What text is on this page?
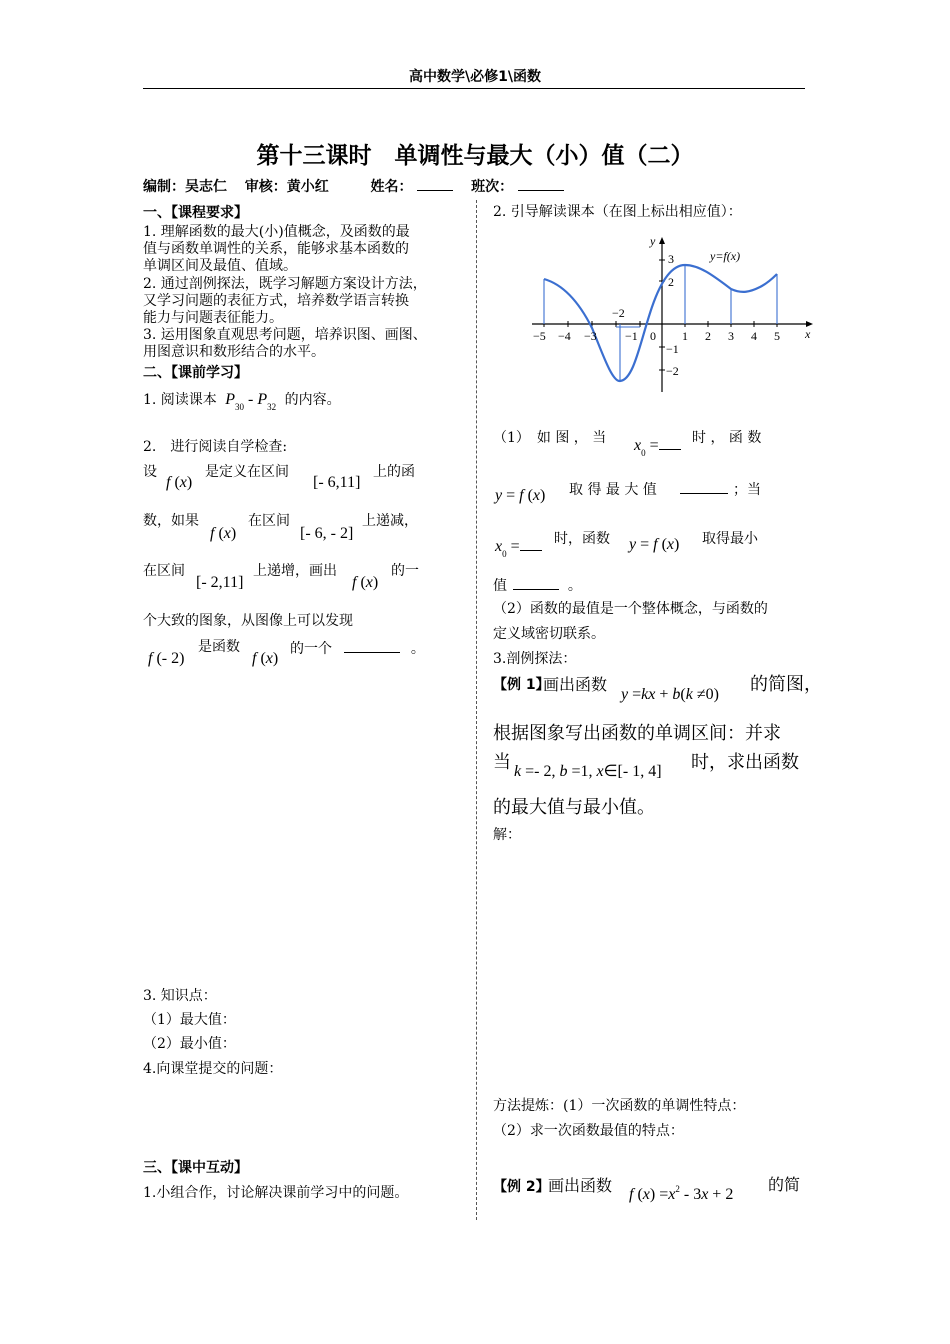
高中数学\必修1\函数
第十三课时　单调性与最大（小）值（二）
编制：吴志仁 审核：黄小红	姓名：	班次：
一、【课程要求】
1. 理解函数的最大(小)值概念，及函数的最
值与函数单调性的关系，能够求基本函数的
单调区间及最值、值域。
2. 通过剖例探法，既学习解题方案设计方法，
又学习问题的表征方式，培养数学语言转换
能力与问题表征能力。
3. 运用图象直观思考问题，培养识图、画图、
用图意识和数形结合的水平。
二、【课前学习】
1. 阅读课本 $P_{30} - P_{32}$ 的内容。
2.　进行阅读自学检查:
设
f (x)
是定义在区间
[- 6,11]
上的函
数，如果
f (x)
在区间
[- 6, - 2]
上递减，
在区间
[- 2,11]
上递增，画出
f (x)
的一
个大致的图象，从图像上可以发现
f (- 2)
是函数
f (x)
的一个	。
3. 知识点：
（1）最大值：
（2）最小值：
4.向课堂提交的问题：
三、【课中互动】
1.小组合作，讨论解决课前学习中的问题。
2. 引导解读课本（在图上标出相应值）：
−5 −4 −3
−2
−1 0 1 2 3 4 5
3
2
−1
−2
x
y
y=f(x)
（1）　如 图 ， 当 $x_0$ =	时 ， 函 数
y = f (x) 取 得 最 大 值	；当
$x_0$ =	时，函数 y = f (x) 取得最小
值	。
（2）函数的最值是一个整体概念，与函数的
定义域密切联系。
3.剖例探法：
【例 1】
画出函数
y =kx + b(k ≠0) 的简图，
根据图象写出函数的单调区间：并求
当 k =- 2, b =1, x∈[- 1, 4] 时，求出函数
的最大值与最小值。
解：
方法提炼：(1）一次函数的单调性特点：
（2）求一次函数最值的特点：
【例 2】
画出函数 f $(x) =x^2 - 3x + 2$
的简
